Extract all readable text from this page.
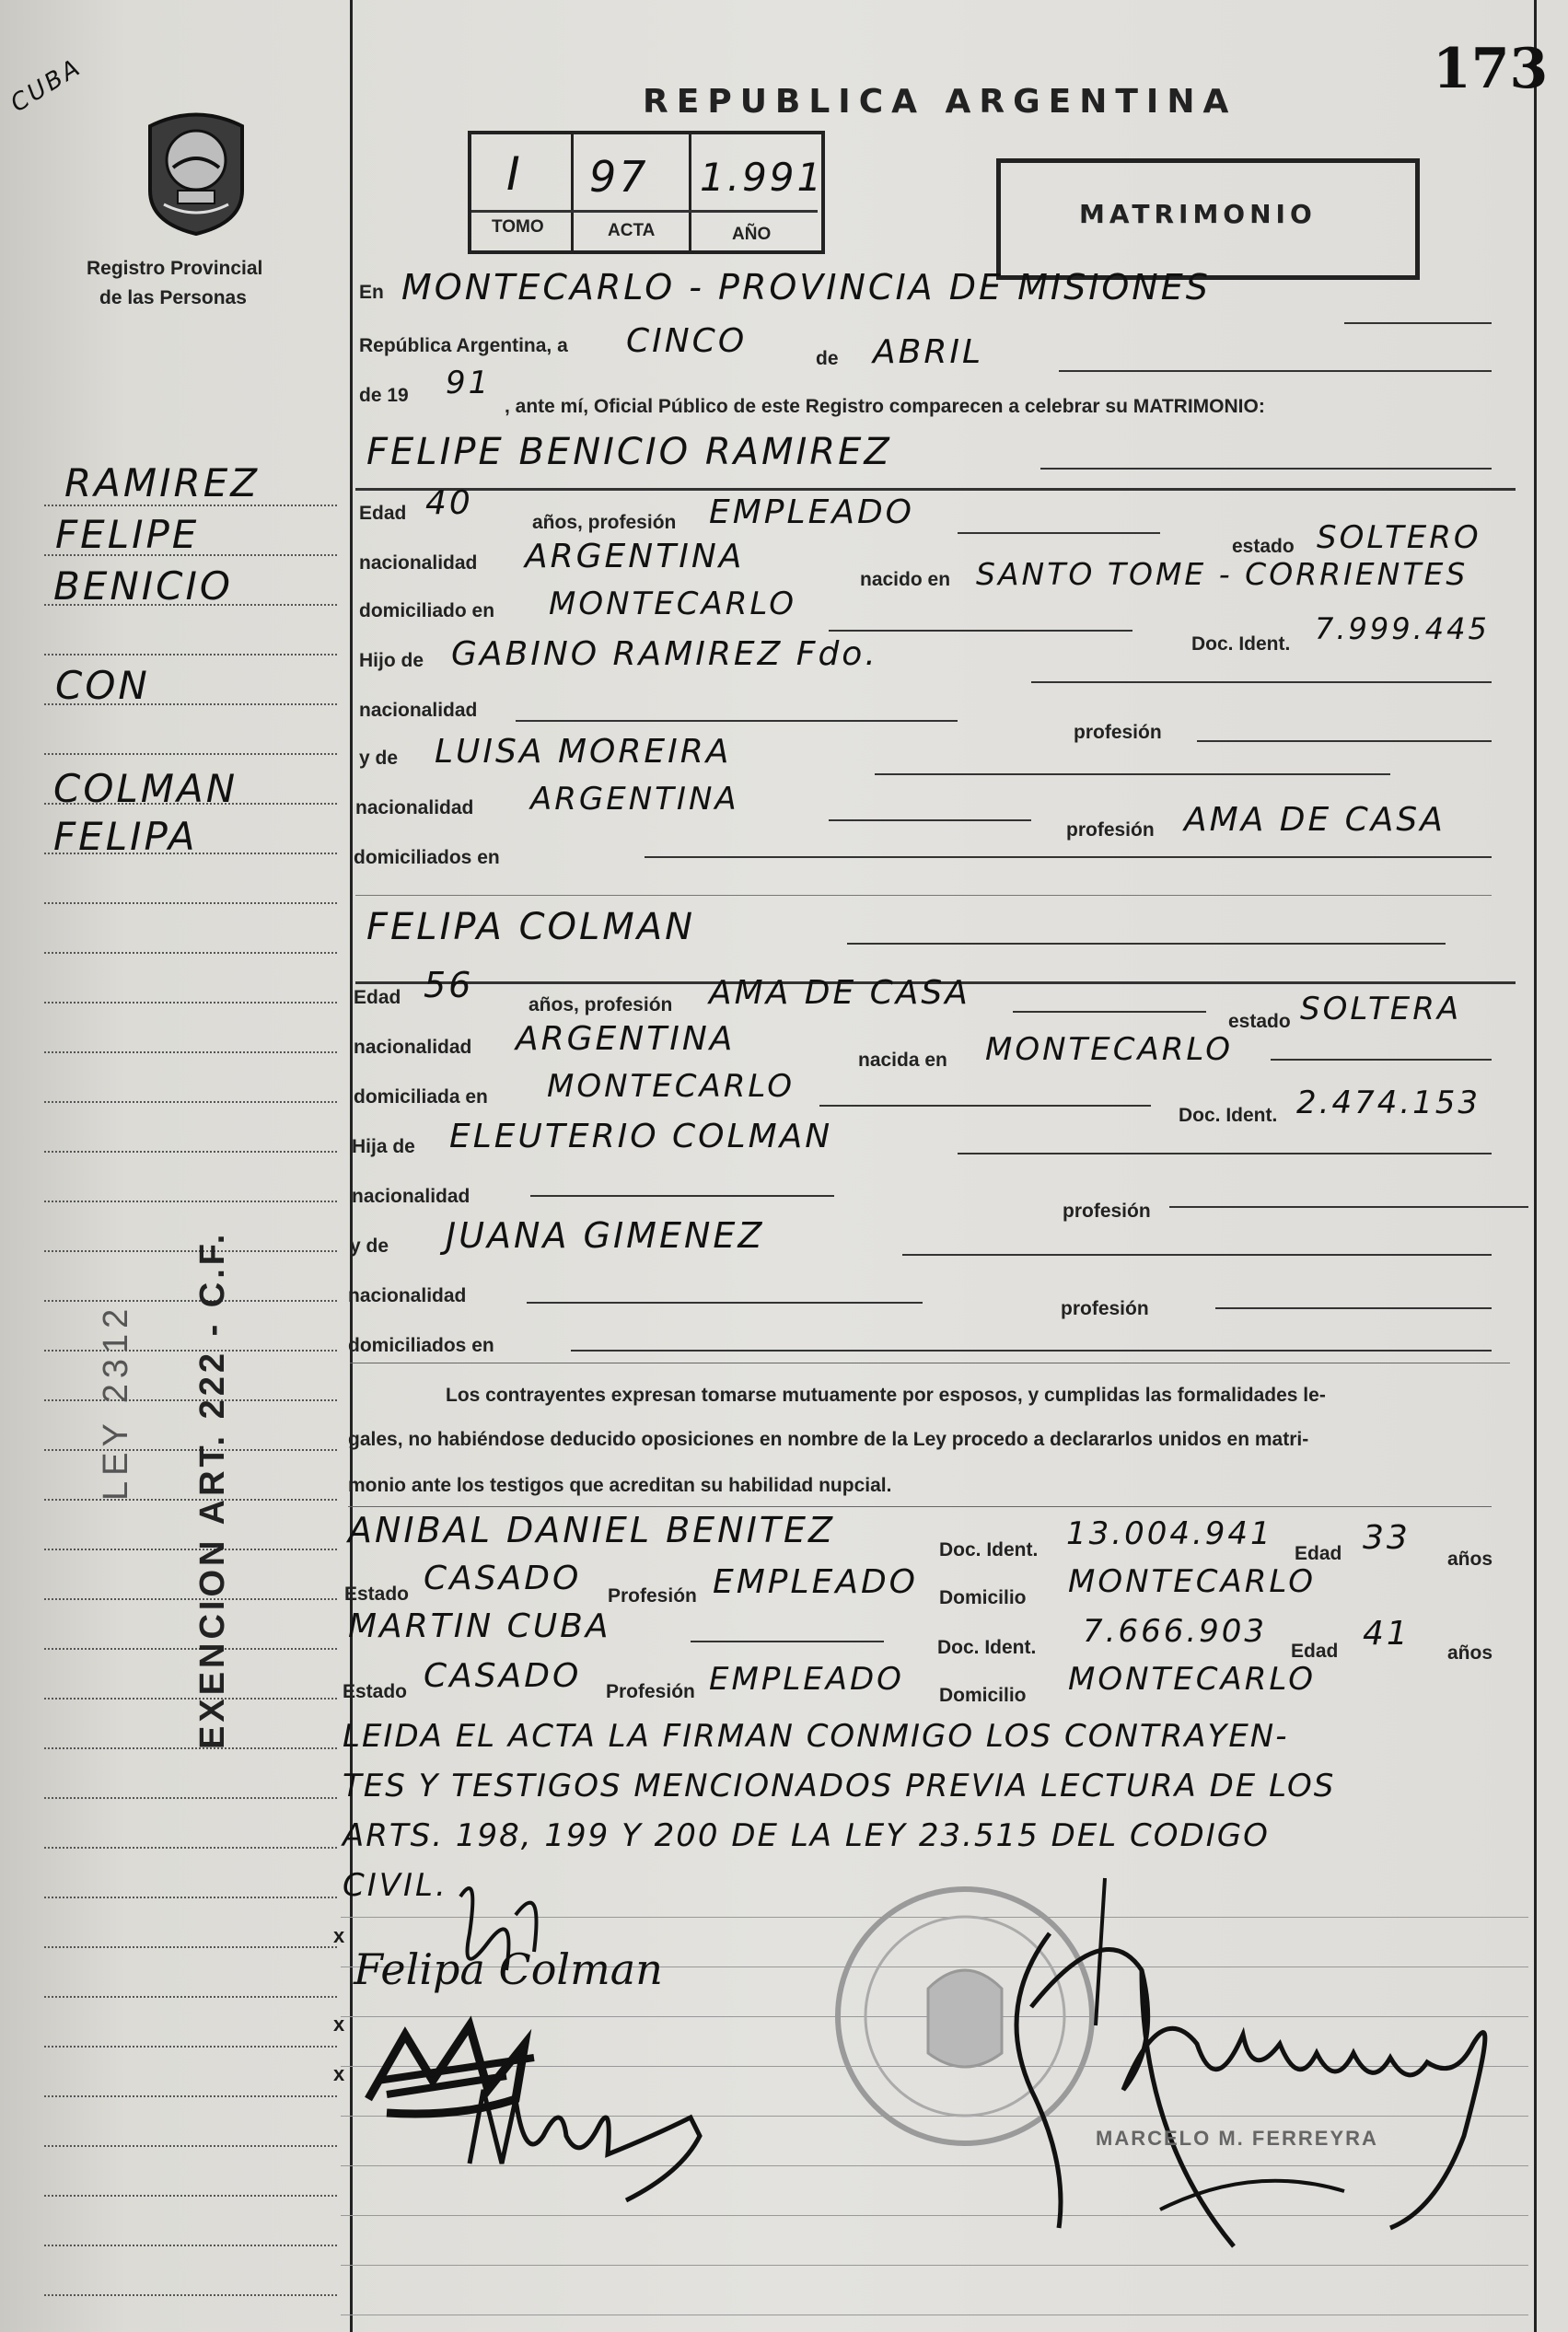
CUBA
Registro Provincial
de las Personas
REPUBLICA ARGENTINA
173
I 97 1.991
TOMO	ACTA	AÑO
MATRIMONIO
RAMIREZ
FELIPE
BENICIO
CON
COLMAN
FELIPA
LEY 2312 EXENCION ART. 222 - C.F.
En MONTECARLO - PROVINCIA DE MISIONES
República Argentina, a CINCO	de ABRIL
de 19 91
, ante mí, Oficial Público de este Registro comparecen a celebrar su MATRIMONIO:
FELIPE BENICIO RAMIREZ
Edad 40
años, profesión EMPLEADO
estado SOLTERO
nacionalidad ARGENTINA
nacido en SANTO TOME - CORRIENTES
domiciliado en MONTECARLO
Doc. Ident. 7.999.445
Hijo de GABINO RAMIREZ Fdo.
nacionalidad
profesión
y de LUISA MOREIRA
nacionalidad ARGENTINA
profesión AMA DE CASA
domiciliados en
FELIPA COLMAN
Edad 56	años, profesión AMA DE CASA
estado SOLTERA
nacionalidad ARGENTINA
nacida en MONTECARLO
domiciliada en MONTECARLO
Doc. Ident. 2.474.153
Hija de ELEUTERIO COLMAN
nacionalidad
profesión
y de JUANA GIMENEZ
nacionalidad
profesión
domiciliados en
Los contrayentes expresan tomarse mutuamente por esposos, y cumplidas las formalidades le-
gales, no habiéndose deducido oposiciones en nombre de la Ley procedo a declararlos unidos en matri-
monio ante los testigos que acreditan su habilidad nupcial.
ANIBAL DANIEL BENITEZ	Doc. Ident. 13.004.941
Edad 33
años
Estado CASADO Profesión EMPLEADO Domicilio MONTECARLO
MARTIN CUBA
Doc. Ident. 7.666.903
Edad 41
años
Estado CASADO Profesión EMPLEADO Domicilio MONTECARLO
LEIDA EL ACTA LA FIRMAN CONMIGO LOS CONTRAYEN-
TES Y TESTIGOS MENCIONADOS PREVIA LECTURA DE LOS
ARTS. 198, 199 Y 200 DE LA LEY 23.515 DEL CODIGO
CIVIL.
Felipa Colman
x
x
x
MARCELO M. FERREYRA
